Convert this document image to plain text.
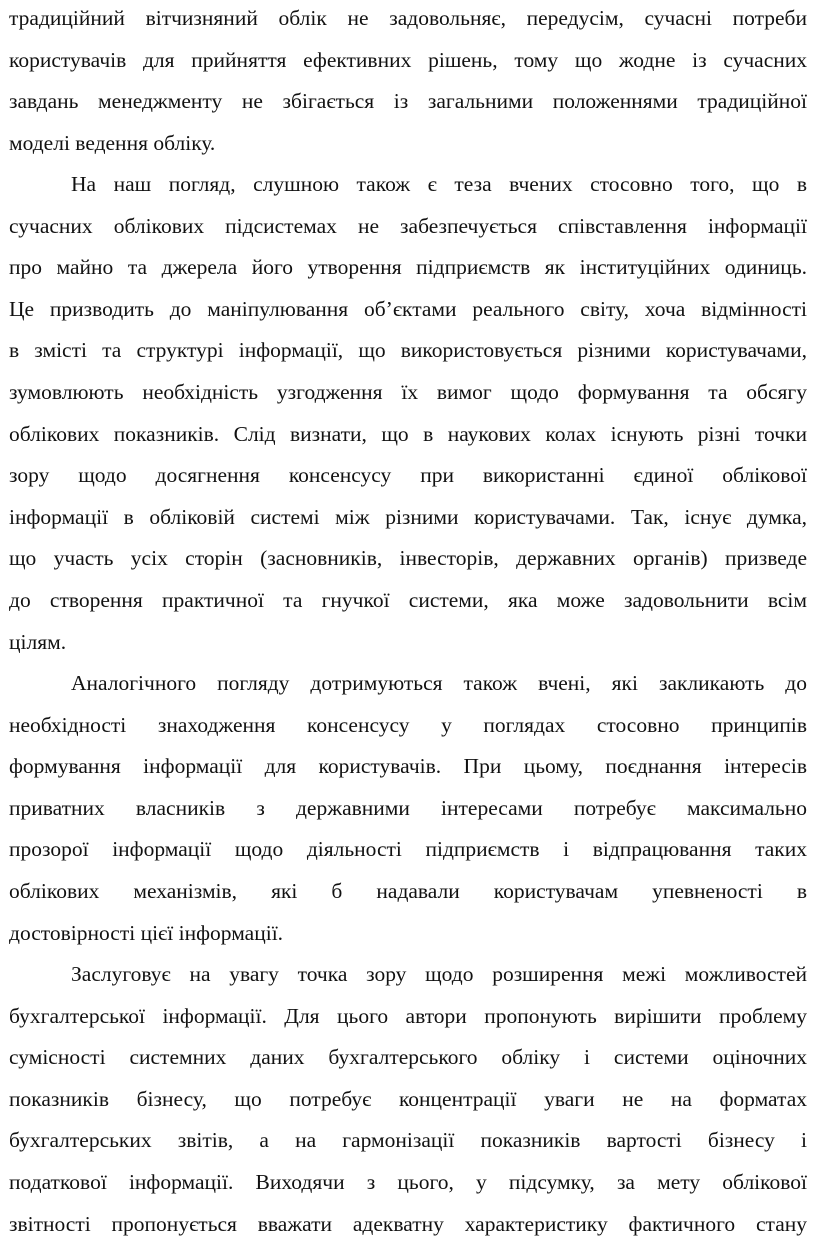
традиційний вітчизняний облік не задовольняє, передусім, сучасні потреби
користувачів для прийняття ефективних рішень, тому що жодне із сучасних
завдань менеджменту не збігається із загальними положеннями традиційної
моделі ведення обліку.
На наш погляд, слушною також є теза вчених стосовно того, що в
сучасних облікових підсистемах не забезпечується співставлення інформації
про майно та джерела його утворення підприємств як інституційних одиниць.
Це призводить до маніпулювання об’єктами реального світу, хоча відмінності
в змісті та структурі інформації, що використовується різними користувачами,
зумовлюють необхідність узгодження їх вимог щодо формування та обсягу
облікових показників. Слід визнати, що в наукових колах існують різні точки
зору щодо досягнення консенсусу при використанні єдиної облікової
інформації в обліковій системі між різними користувачами. Так, існує думка,
що участь усіх сторін (засновників, інвесторів, державних органів) призведе
до створення практичної та гнучкої системи, яка може задовольнити всім
цілям.
Аналогічного погляду дотримуються також вчені, які закликають до
необхідності знаходження консенсусу у поглядах стосовно принципів
формування інформації для користувачів. При цьому, поєднання інтересів
приватних власників з державними інтересами потребує максимально
прозорої інформації щодо діяльності підприємств і відпрацювання таких
облікових механізмів, які б надавали користувачам упевненості в
достовірності цієї інформації.
Заслуговує на увагу точка зору щодо розширення межі можливостей
бухгалтерської інформації. Для цього автори пропонують вирішити проблему
сумісності системних даних бухгалтерського обліку і системи оціночних
показників бізнесу, що потребує концентрації уваги не на форматах
бухгалтерських звітів, а на гармонізації показників вартості бізнесу і
податкової інформації. Виходячи з цього, у підсумку, за мету облікової
звітності пропонується вважати адекватну характеристику фактичного стану
